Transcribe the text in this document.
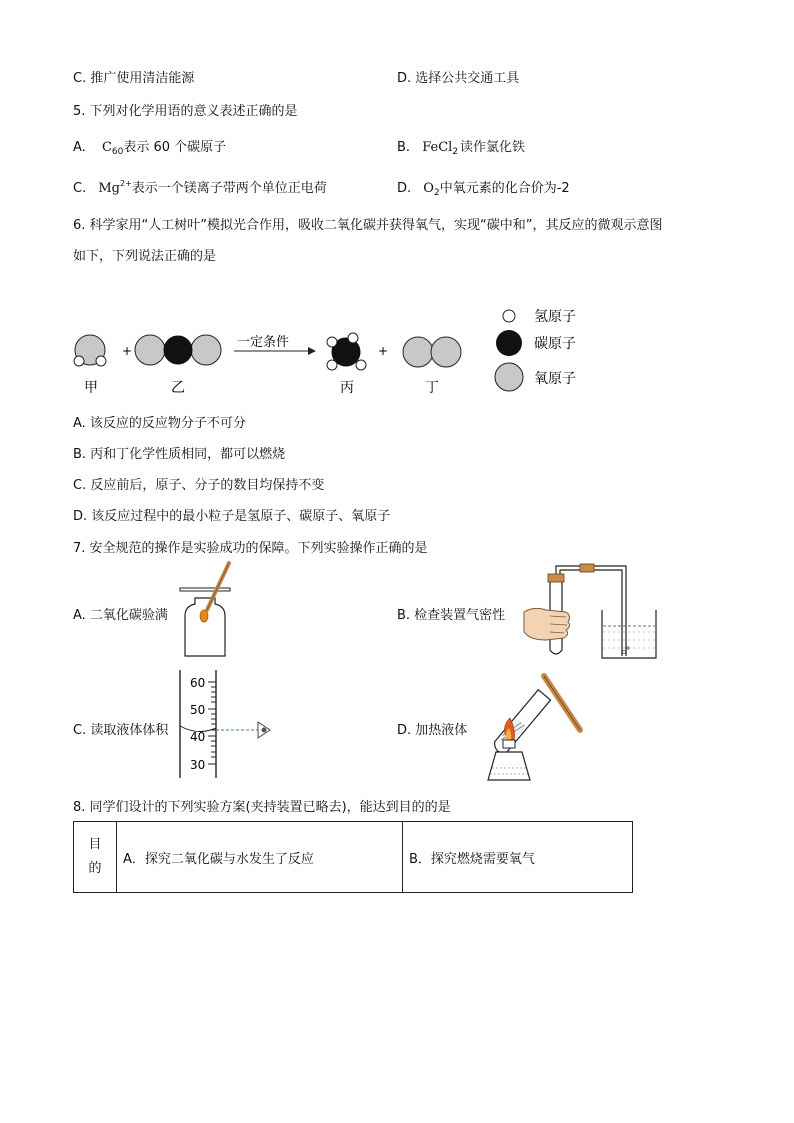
C. 推广使用清洁能源	D. 选择公共交通工具
5. 下列对化学用语的意义表述正确的是
A. $C_{60}$表示 60 个碳原子	B. FeCl$_2$ 读作氯化铁
C. $Mg^{2+}$表示一个镁离子带两个单位正电荷	D. $O_2$中氧元素的化合价为-2
6. 科学家用“人工树叶”模拟光合作用，吸收二氧化碳并获得氧气，实现“碳中和”，其反应的微观示意图
如下，下列说法正确的是
+
一定条件
+
甲	乙	丙	丁
氢原子
碳原子
氧原子
A. 该反应的反应物分子不可分
B. 丙和丁化学性质相同，都可以燃烧
C. 反应前后，原子、分子的数目均保持不变
D. 该反应过程中的最小粒子是氢原子、碳原子、氧原子
7. 安全规范的操作是实验成功的保障。下列实验操作正确的是
A. 二氧化碳验满	B. 检查装置气密性
C. 读取液体体积
60
50
40
30
D. 加热液体
8. 同学们设计的下列实验方案(夹持装置已略去)，能达到目的的是
目
的
	A．探究二氧化碳与水发生了反应	B．探究燃烧需要氧气
